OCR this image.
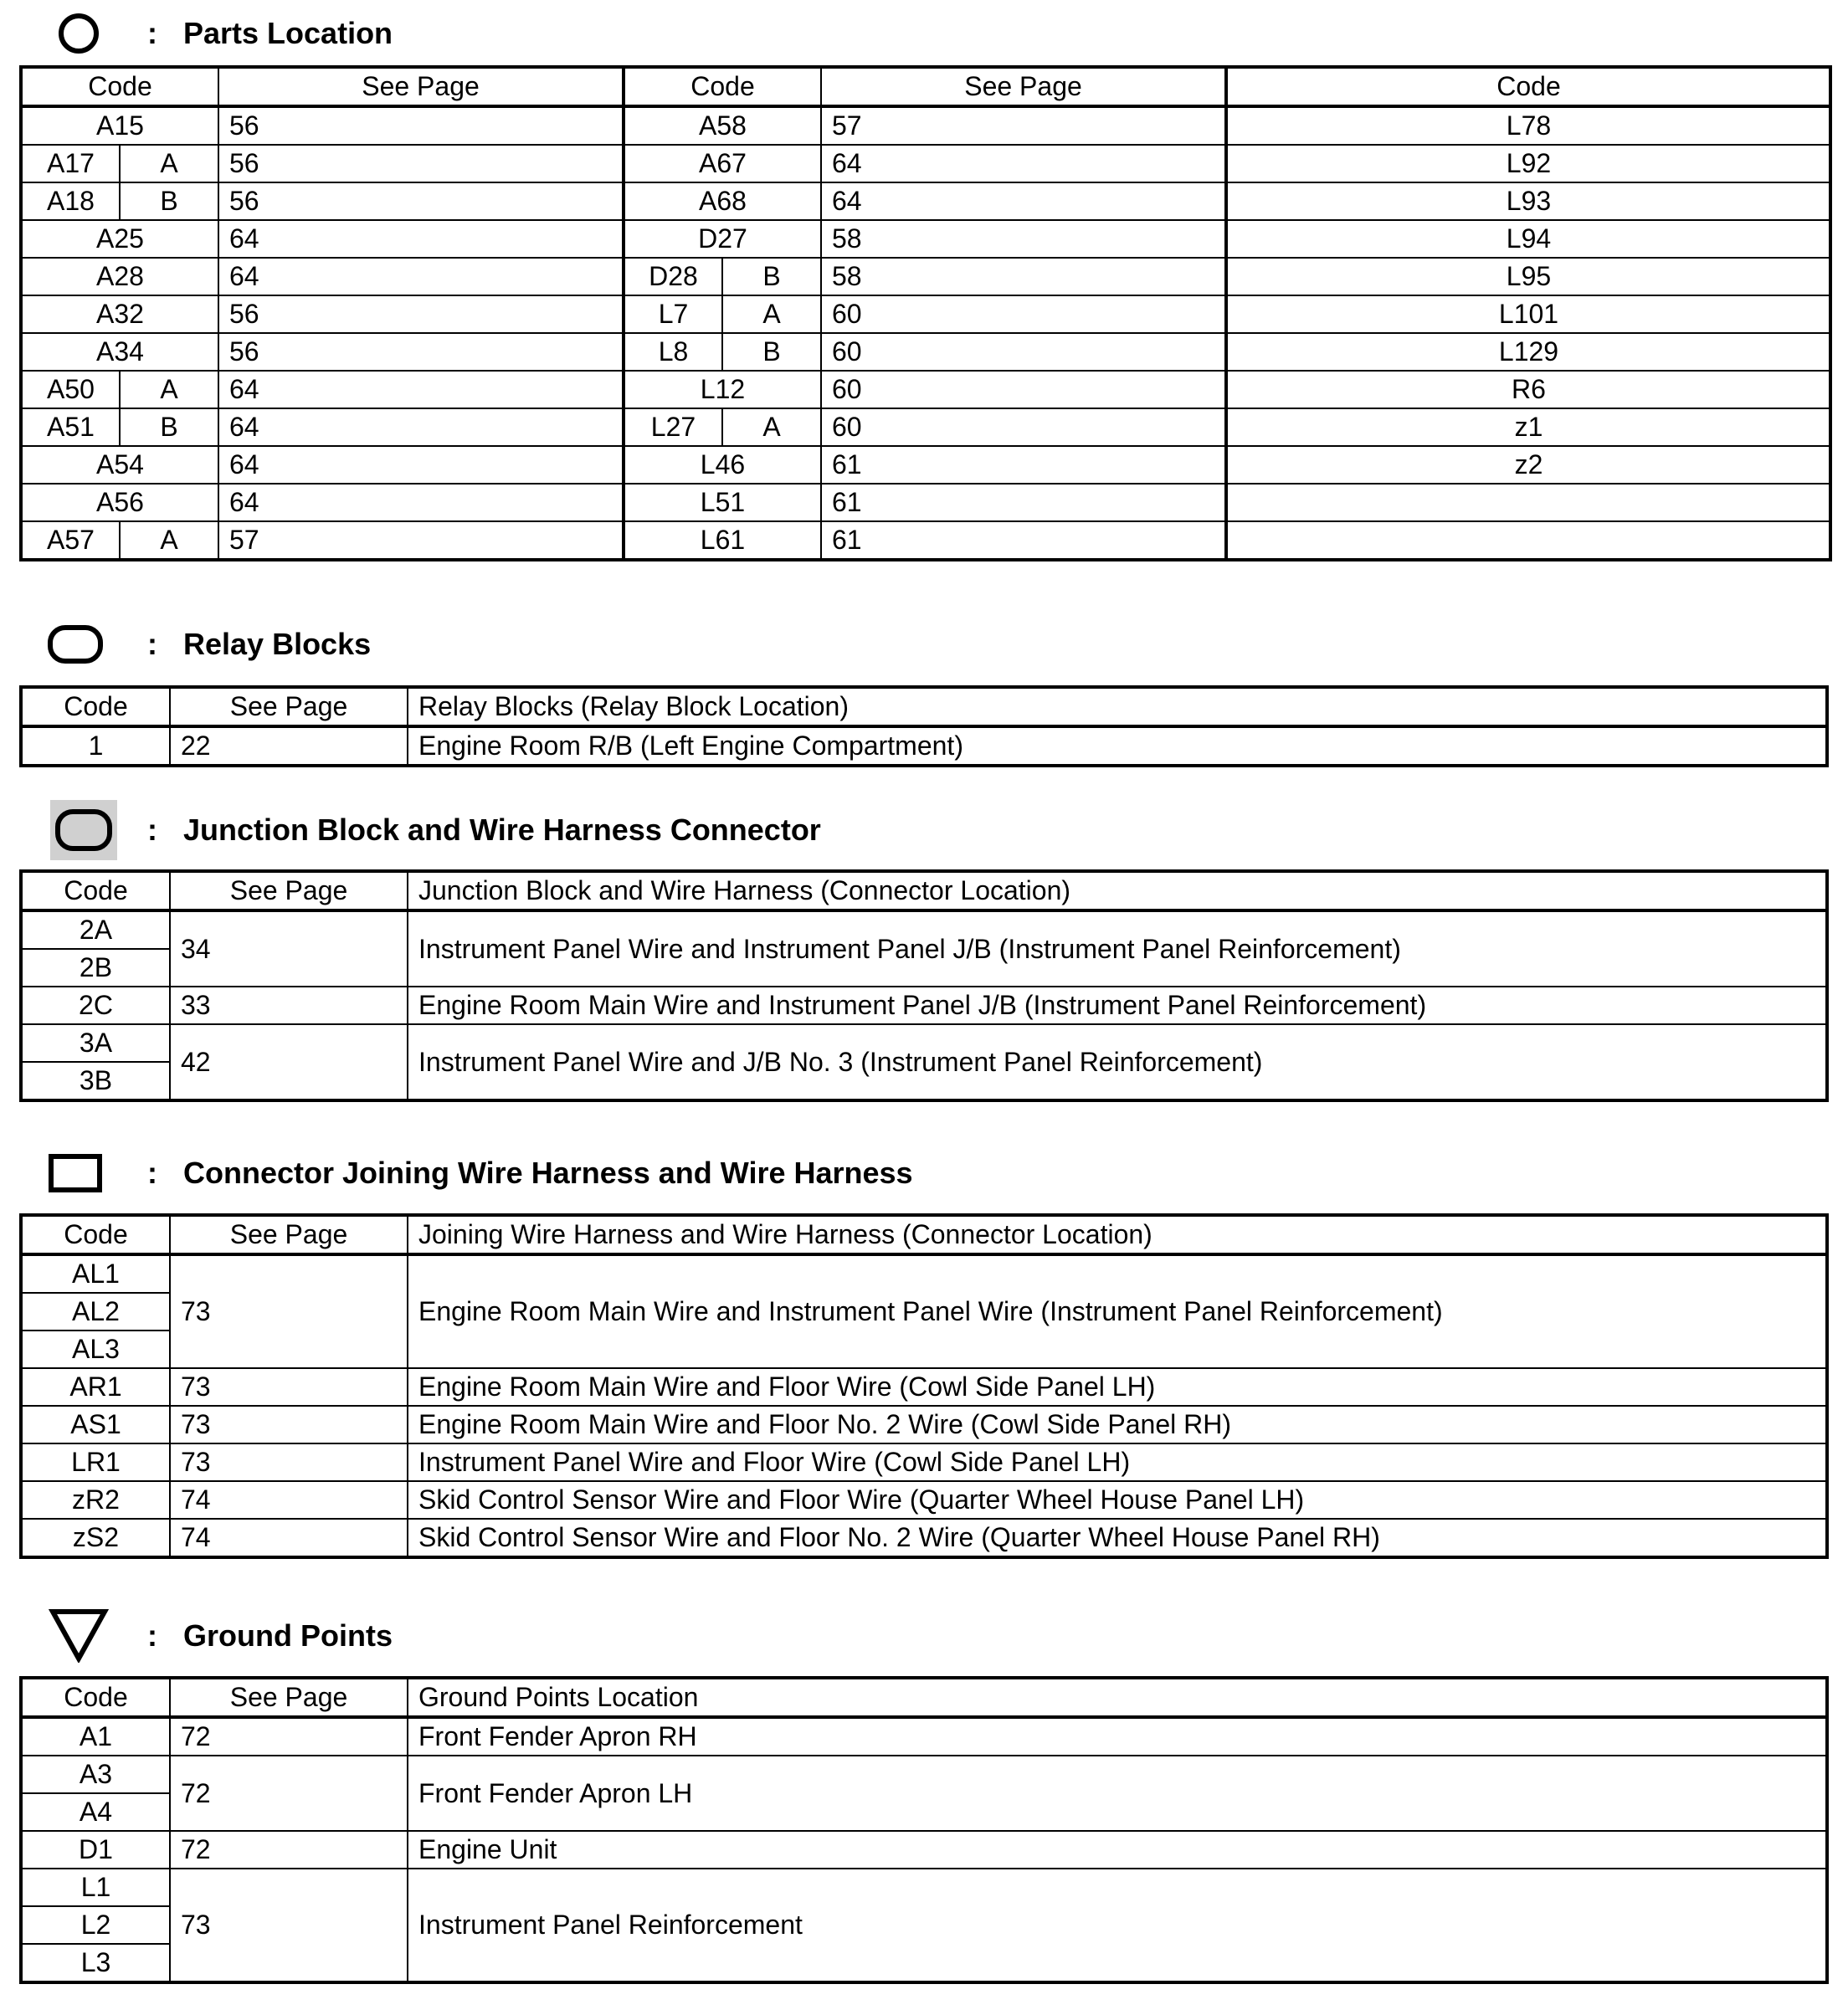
: Parts Location
Code		See Page	Code		See Page	Code	
A15		56	A58		57	L78	
A17	A	56	A67		64	L92	
A18	B	56	A68		64	L93	
A25		64	D27		58	L94	
A28		64	D28	B	58	L95	
A32		56	L7	A	60	L101	
A34		56	L8	B	60	L129	
A50	A	64	L12		60	R6	
A51	B	64	L27	A	60	z1	
A54		64	L46		61	z2	
A56		64	L51		61		
A57	A	57	L61		61		
: Relay Blocks
Code	See Page	Relay Blocks (Relay Block Location)
1	22	Engine Room R/B (Left Engine Compartment)
: Junction Block and Wire Harness Connector
Code	See Page	Junction Block and Wire Harness (Connector Location)
2A	34	Instrument Panel Wire and Instrument Panel J/B (Instrument Panel Reinforcement)
2B		
2C	33	Engine Room Main Wire and Instrument Panel J/B (Instrument Panel Reinforcement)
3A	42	Instrument Panel Wire and J/B No. 3 (Instrument Panel Reinforcement)
3B		
: Connector Joining Wire Harness and Wire Harness
Code	See Page	Joining Wire Harness and Wire Harness (Connector Location)
AL1	73	Engine Room Main Wire and Instrument Panel Wire (Instrument Panel Reinforcement)
AL2		
AL3		
AR1	73	Engine Room Main Wire and Floor Wire (Cowl Side Panel LH)
AS1	73	Engine Room Main Wire and Floor No. 2 Wire (Cowl Side Panel RH)
LR1	73	Instrument Panel Wire and Floor Wire (Cowl Side Panel LH)
zR2	74	Skid Control Sensor Wire and Floor Wire (Quarter Wheel House Panel LH)
zS2	74	Skid Control Sensor Wire and Floor No. 2 Wire (Quarter Wheel House Panel RH)
: Ground Points
Code	See Page	Ground Points Location
A1	72	Front Fender Apron RH
A3	72	Front Fender Apron LH
A4		
D1	72	Engine Unit
L1	73	Instrument Panel Reinforcement
L2		
L3		
